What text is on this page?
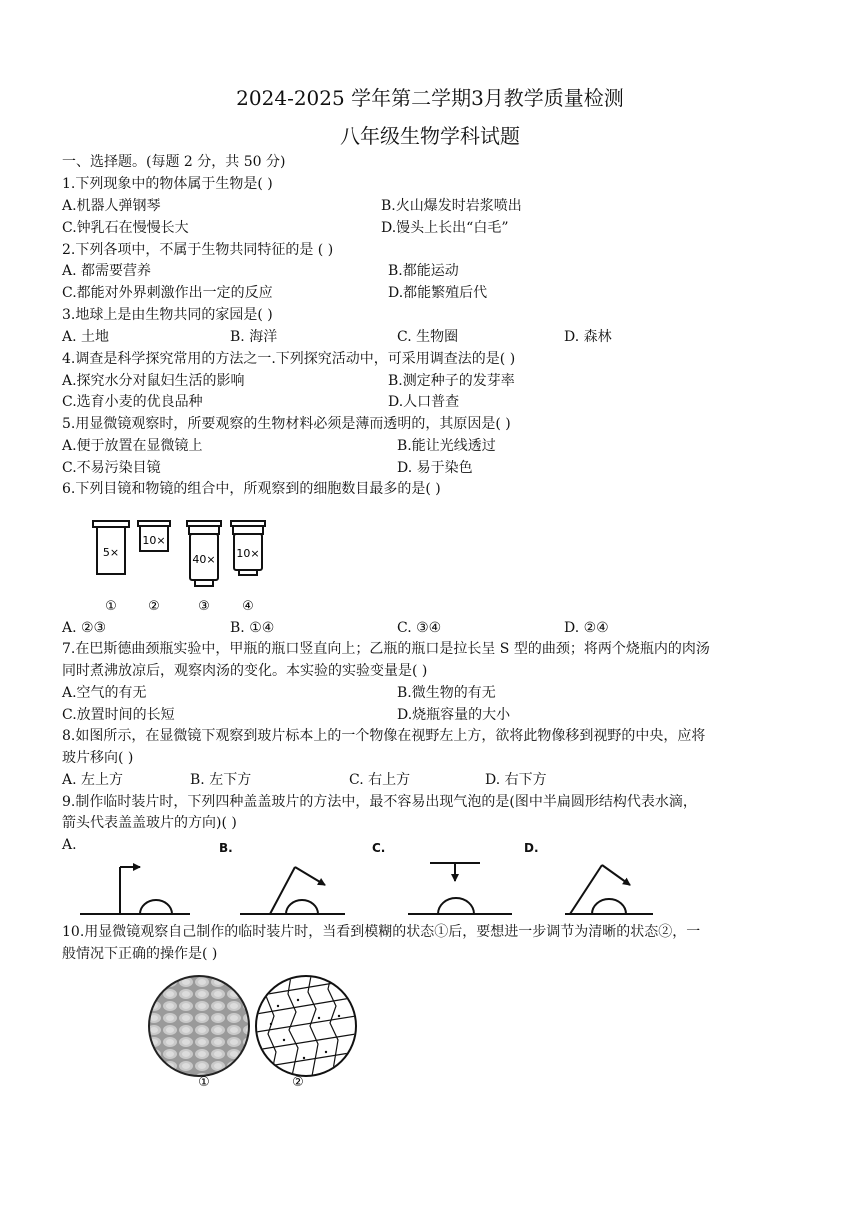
2024-2025 学年第二学期3月教学质量检测
八年级生物学科试题
一、选择题。(每题 2 分，共 50 分)
1.下列现象中的物体属于生物是( )
A.机器人弹钢琴	B.火山爆发时岩浆喷出
C.钟乳石在慢慢长大	D.馒头上长出“白毛”
2.下列各项中，不属于生物共同特征的是 ( )
A. 都需要营养	B.都能运动
C.都能对外界刺激作出一定的反应	D.都能繁殖后代
3.地球上是由生物共同的家园是( )
A. 土地	B. 海洋	C. 生物圈	D. 森林
4.调查是科学探究常用的方法之一.下列探究活动中，可采用调查法的是( )
A.探究水分对鼠妇生活的影响	B.测定种子的发芽率
C.选育小麦的优良品种	D.人口普查
5.用显微镜观察时，所要观察的生物材料必须是薄而透明的，其原因是( )
A.便于放置在显微镜上	B.能让光线透过
C.不易污染目镜	D. 易于染色
6.下列目镜和物镜的组合中，所观察到的细胞数目最多的是( )
5×
10×
40× 10×
① ②	③ ④
A. ②③	B. ①④	C. ③④	D. ②④
7.在巴斯德曲颈瓶实验中，甲瓶的瓶口竖直向上；乙瓶的瓶口是拉长呈 S 型的曲颈；将两个烧瓶内的肉汤
同时煮沸放凉后，观察肉汤的变化。本实验的实验变量是( )
A.空气的有无	B.微生物的有无
C.放置时间的长短	D.烧瓶容量的大小
8.如图所示，在显微镜下观察到玻片标本上的一个物像在视野左上方，欲将此物像移到视野的中央，应将
玻片移向( )
A. 左上方	B. 左下方	C. 右上方	D. 右下方
9.制作临时装片时，下列四种盖盖玻片的方法中，最不容易出现气泡的是(图中半扁圆形结构代表水滴，
箭头代表盖盖玻片的方向)( )
A.	B.	C.	D.
10.用显微镜观察自己制作的临时装片时，当看到模糊的状态①后，要想进一步调节为清晰的状态②，一
般情况下正确的操作是( )
①	②
